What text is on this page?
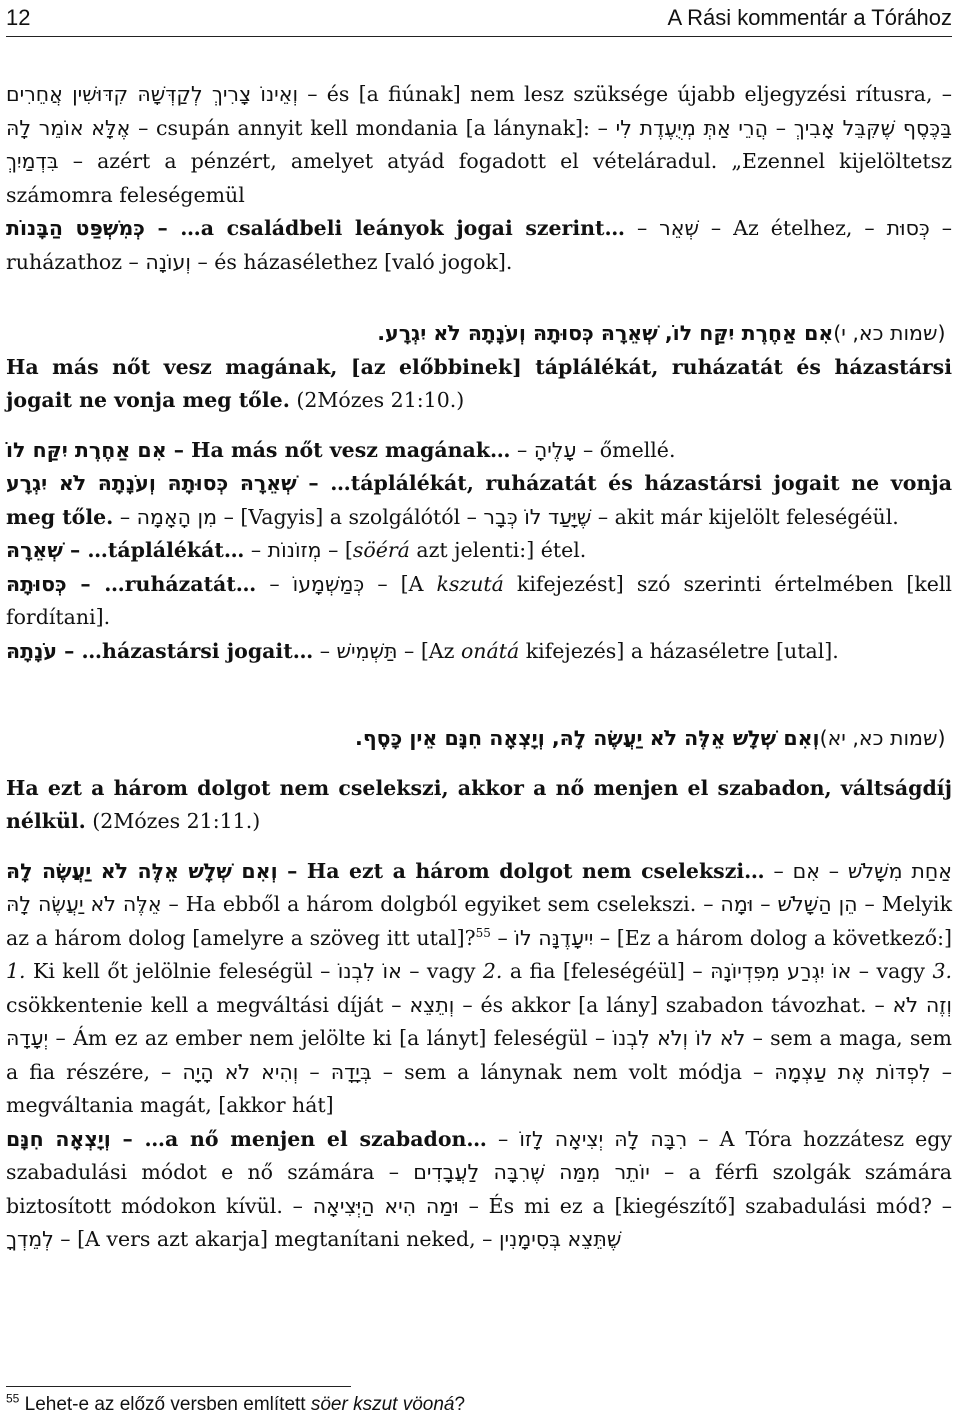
12	A Rási kommentár a Tórához

וְאֵינוֹ צָרִיךְ לְקַדְּשָׁהּ קִדּוּשִׁין אֲחֵרִים – és [a fiúnak] nem lesz szüksége újabb eljegyzési rítusra, – אֶלָּא אוֹמֵר לָהּ – csupán annyit kell mondania [a lánynak]: – הֲרֵי אַתְּ מְיֻעֶדֶת לִי – בַּכֶּסֶף שֶׁקִּבֵּל אָבִיךְ בִּדְמַיִךְ – azért a pénzért, amelyet atyád fogadott el vételáradul. „Ezennel kijelöltetsz számomra feleségemül

כְּמִשְׁפַּט הַבָּנוֹת – …a családbeli leányok jogai szerint… – שְׁאֵר – Az ételhez, – כְּסוּת – ruházathoz – וְעוֹנָה – és házasélethez [való jogok].

אִם אַחֶרֶת יִקַּח לוֹ, שְׁאֵרָהּ כְּסוּתָהּ וְעֹנָתָהּ לֹא יִגְרָע. (שמות כא, י)

Ha más nőt vesz magának, [az előbbinek] táplálékát, ruházatát és házastársi jogait ne vonja meg tőle. (2Mózes 21:10.)

אִם אַחֶרֶת יִקַּח לוֹ – Ha más nőt vesz magának… – עָלֶיהָ – őmellé.

שְׁאֵרָהּ כְּסוּתָהּ וְעֹנָתָהּ לֹא יִגְרָע – …táplálékát, ruházatát és házastársi jogait ne vonja meg tőle. – מִן הָאָמָה – [Vagyis] a szolgálótól – שֶׁיָּעַד לוֹ כְּבָר – akit már kijelölt feleségéül.

שְׁאֵרָהּ – …táplálékát… – מְזוֹנוֹת – [söérá azt jelenti:] étel.

כְּסוּתָהּ – …ruházatát… – כְּמַשְׁמָעוֹ – [A kszutá kifejezést] szó szerinti értelmében [kell fordítani].

עֹנָתָהּ – …házastársi jogait… – תַּשְׁמִישׁ – [Az onátá kifejezés] a házaséletre [utal].

וְאִם שְׁלָשׁ אֵלֶּה לֹא יַעֲשֶׂה לָהּ, וְיָצְאָה חִנָּם אֵין כָּסֶף. (שמות כא, יא)

Ha ezt a három dolgot nem cselekszi, akkor a nő menjen el szabadon, váltságdíj nélkül. (2Mózes 21:11.)

וְאִם שְׁלָשׁ אֵלֶּה לֹא יַעֲשֶׂה לָהּ – Ha ezt a három dolgot nem cselekszi… – אִם – אַחַת מִשָּׁלֹשׁ אֵלֶּה לֹא יַעֲשֶׂה לָהּ – Ha ebből a három dolgból egyiket sem cselekszi. – וּמָה – הֵן הַשָּׁלֹשׁ – Melyik az a három dolog [amelyre a szöveg itt utal]?$^{55}$ – יִיעָדֶנָּה לוֹ – [Ez a három dolog a következő:] 1. Ki kell őt jelölnie feleségül – אוֹ לִבְנוֹ – vagy 2. a fia [feleségéül] – אוֹ יִגְרַע מִפִּדְיוֹנָהּ – vagy 3. csökkentenie kell a megváltási díját – וְתֵצֵא – és akkor [a lány] szabadon távozhat. – וְזֶה לֹא יְעָדָהּ – Ám ez az ember nem jelölte ki [a lányt] feleségül – לֹא לוֹ וְלֹא לִבְנוֹ – sem a maga, sem a fia részére, – וְהִיא לֹא הָיָה – בְּיָדָהּ – sem a lánynak nem volt módja – לִפְדּוֹת אֶת עַצְמָהּ – megváltania magát, [akkor hát]

וְיָצְאָה חִנָּם – …a nő menjen el szabadon… – רִבָּה לָהּ יְצִיאָה לָזוֹ – A Tóra hozzátesz egy szabadulási módot e nő számára – יוֹתֵר מִמַּה שֶּׁרִבָּה לַעֲבָדִים – a férfi szolgák számára biztosított módokon kívül. – וּמַה הִיא הַיְּצִיאָה – És mi ez a [kiegészítő] szabadulási mód? – לְמֵדְךָ – [A vers azt akarja] megtanítani neked, – שֶׁתֵּצֵא בְּסִימָנִין

$^{55}$ Lehet-e az előző versben említett söer kszut vöoná?
